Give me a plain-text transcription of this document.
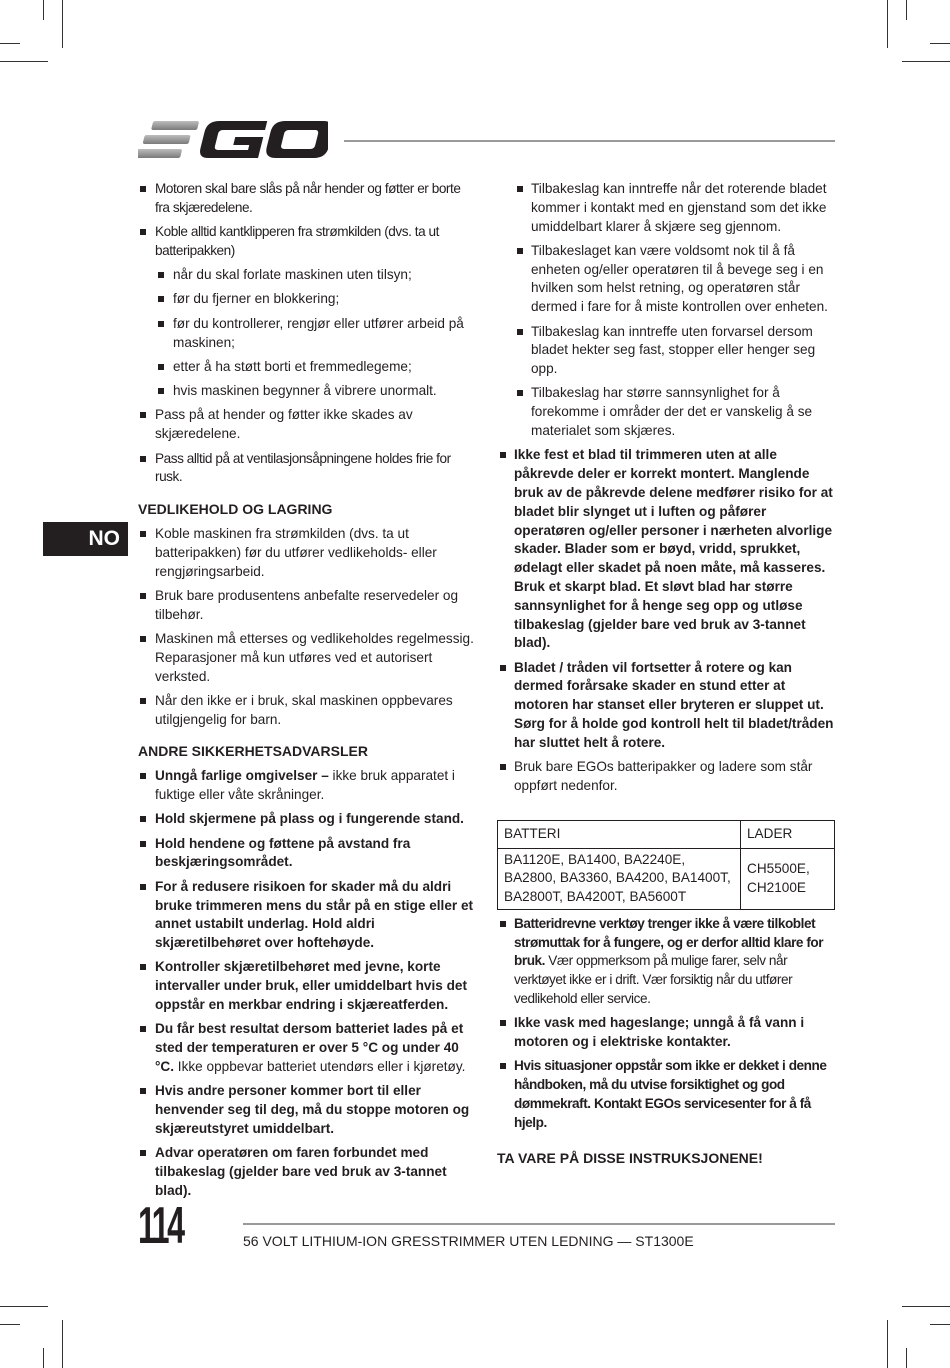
NO
Motoren skal bare slås på når hender og føtter er borte fra skjæredelene.
Koble alltid kantklipperen fra strømkilden (dvs. ta ut batteripakken)
når du skal forlate maskinen uten tilsyn;
før du fjerner en blokkering;
før du kontrollerer, rengjør eller utfører arbeid på maskinen;
etter å ha støtt borti et fremmedlegeme;
hvis maskinen begynner å vibrere unormalt.
Pass på at hender og føtter ikke skades av skjæredelene.
Pass alltid på at ventilasjonsåpningene holdes frie for rusk.
VEDLIKEHOLD OG LAGRING
Koble maskinen fra strømkilden (dvs. ta ut batteripakken) før du utfører vedlikeholds- eller rengjøringsarbeid.
Bruk bare produsentens anbefalte reservedeler og tilbehør.
Maskinen må etterses og vedlikeholdes regelmessig. Reparasjoner må kun utføres ved et autorisert verksted.
Når den ikke er i bruk, skal maskinen oppbevares utilgjengelig for barn.
ANDRE SIKKERHETSADVARSLER
Unngå farlige omgivelser – ikke bruk apparatet i fuktige eller våte skråninger.
Hold skjermene på plass og i fungerende stand.
Hold hendene og føttene på avstand fra beskjæringsområdet.
For å redusere risikoen for skader må du aldri bruke trimmeren mens du står på en stige eller et annet ustabilt underlag. Hold aldri skjæretilbehøret over hoftehøyde.
Kontroller skjæretilbehøret med jevne, korte intervaller under bruk, eller umiddelbart hvis det oppstår en merkbar endring i skjæreatferden.
Du får best resultat dersom batteriet lades på et sted der temperaturen er over 5 °C og under 40 °C. Ikke oppbevar batteriet utendørs eller i kjøretøy.
Hvis andre personer kommer bort til eller henvender seg til deg, må du stoppe motoren og skjæreutstyret umiddelbart.
Advar operatøren om faren forbundet med tilbakeslag (gjelder bare ved bruk av 3-tannet blad).
Tilbakeslag kan inntreffe når det roterende bladet kommer i kontakt med en gjenstand som det ikke umiddelbart klarer å skjære seg gjennom.
Tilbakeslaget kan være voldsomt nok til å få enheten og/eller operatøren til å bevege seg i en hvilken som helst retning, og operatøren står dermed i fare for å miste kontrollen over enheten.
Tilbakeslag kan inntreffe uten forvarsel dersom bladet hekter seg fast, stopper eller henger seg opp.
Tilbakeslag har større sannsynlighet for å forekomme i områder der det er vanskelig å se materialet som skjæres.
Ikke fest et blad til trimmeren uten at alle påkrevde deler er korrekt montert. Manglende bruk av de påkrevde delene medfører risiko for at bladet blir slynget ut i luften og påfører operatøren og/eller personer i nærheten alvorlige skader. Blader som er bøyd, vridd, sprukket, ødelagt eller skadet på noen måte, må kasseres. Bruk et skarpt blad. Et sløvt blad har større sannsynlighet for å henge seg opp og utløse tilbakeslag (gjelder bare ved bruk av 3-tannet blad).
Bladet / tråden vil fortsetter å rotere og kan dermed forårsake skader en stund etter at motoren har stanset eller bryteren er sluppet ut. Sørg for å holde god kontroll helt til bladet/tråden har sluttet helt å rotere.
Bruk bare EGOs batteripakker og ladere som står oppført nedenfor.
BATTERI	LADER
BA1120E, BA1400, BA2240E, BA2800, BA3360, BA4200, BA1400T, BA2800T, BA4200T, BA5600T	CH5500E, CH2100E
Batteridrevne verktøy trenger ikke å være tilkoblet strømuttak for å fungere, og er derfor alltid klare for bruk. Vær oppmerksom på mulige farer, selv når verktøyet ikke er i drift. Vær forsiktig når du utfører vedlikehold eller service.
Ikke vask med hageslange; unngå å få vann i motoren og i elektriske kontakter.
Hvis situasjoner oppstår som ikke er dekket i denne håndboken, må du utvise forsiktighet og god dømmekraft. Kontakt EGOs servicesenter for å få hjelp.
TA VARE PÅ DISSE INSTRUKSJONENE!
114	56 VOLT LITHIUM-ION GRESSTRIMMER UTEN LEDNING — ST1300E
